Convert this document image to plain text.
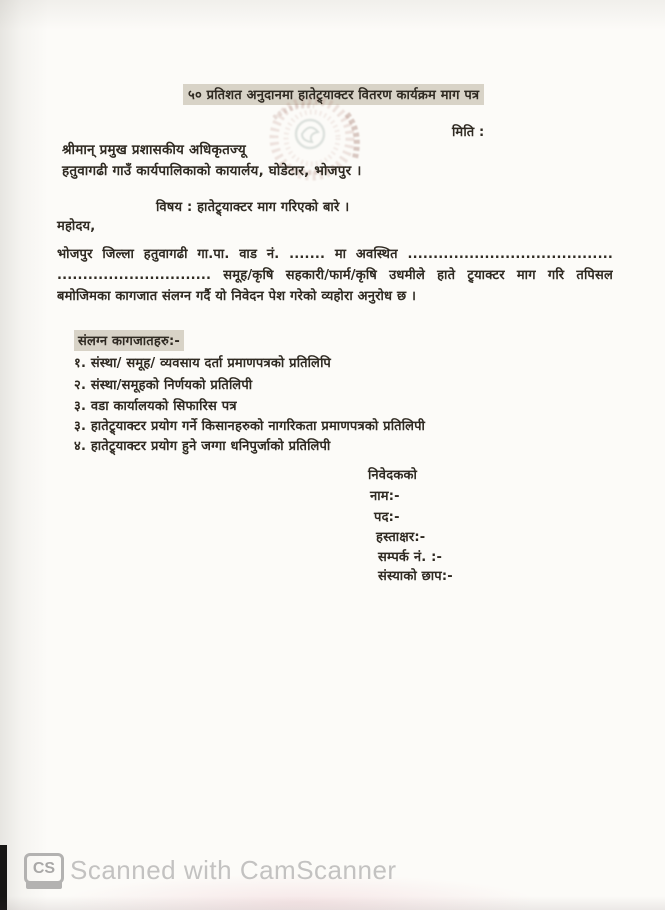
५० प्रतिशत अनुदानमा हातेट्र्याक्टर वितरण कार्यक्रम माग पत्र
मिति :
श्रीमान् प्रमुख प्रशासकीय अधिकृतज्यू
हतुवागढी गाउँ कार्यपालिकाको कायार्लय, घोडेटार, भोजपुर ।
विषय : हातेट्र्याक्टर माग गरिएको बारे ।
महोदय,
भोजपुर जिल्ला हतुवागढी गा.पा. वाड नं. ....... मा अवस्थित ........................................
.............................. समूह/कृषि सहकारी/फार्म/कृषि उधमीले हाते ट्र्याक्टर माग गरि तपिसल
बमोजिमका कागजात संलग्न गर्दै यो निवेदन पेश गरेको व्यहोरा अनुरोध छ ।
संलग्न कागजातहरु:-
१. संस्था/ समूह/ व्यवसाय दर्ता प्रमाणपत्रको प्रतिलिपि
२. संस्था/समूहको निर्णयको प्रतिलिपी
३. वडा कार्यालयको सिफारिस पत्र
३. हातेट्र्याक्टर प्रयोग गर्ने किसानहरुको नागरिकता प्रमाणपत्रको प्रतिलिपी
४. हातेट्र्याक्टर प्रयोग हुने जग्गा धनिपुर्जाको प्रतिलिपी
निवेदकको
नाम:-
पद:-
हस्ताक्षर:-
सम्पर्क नं. :-
संस्याको छाप:-
CS Scanned with CamScanner
